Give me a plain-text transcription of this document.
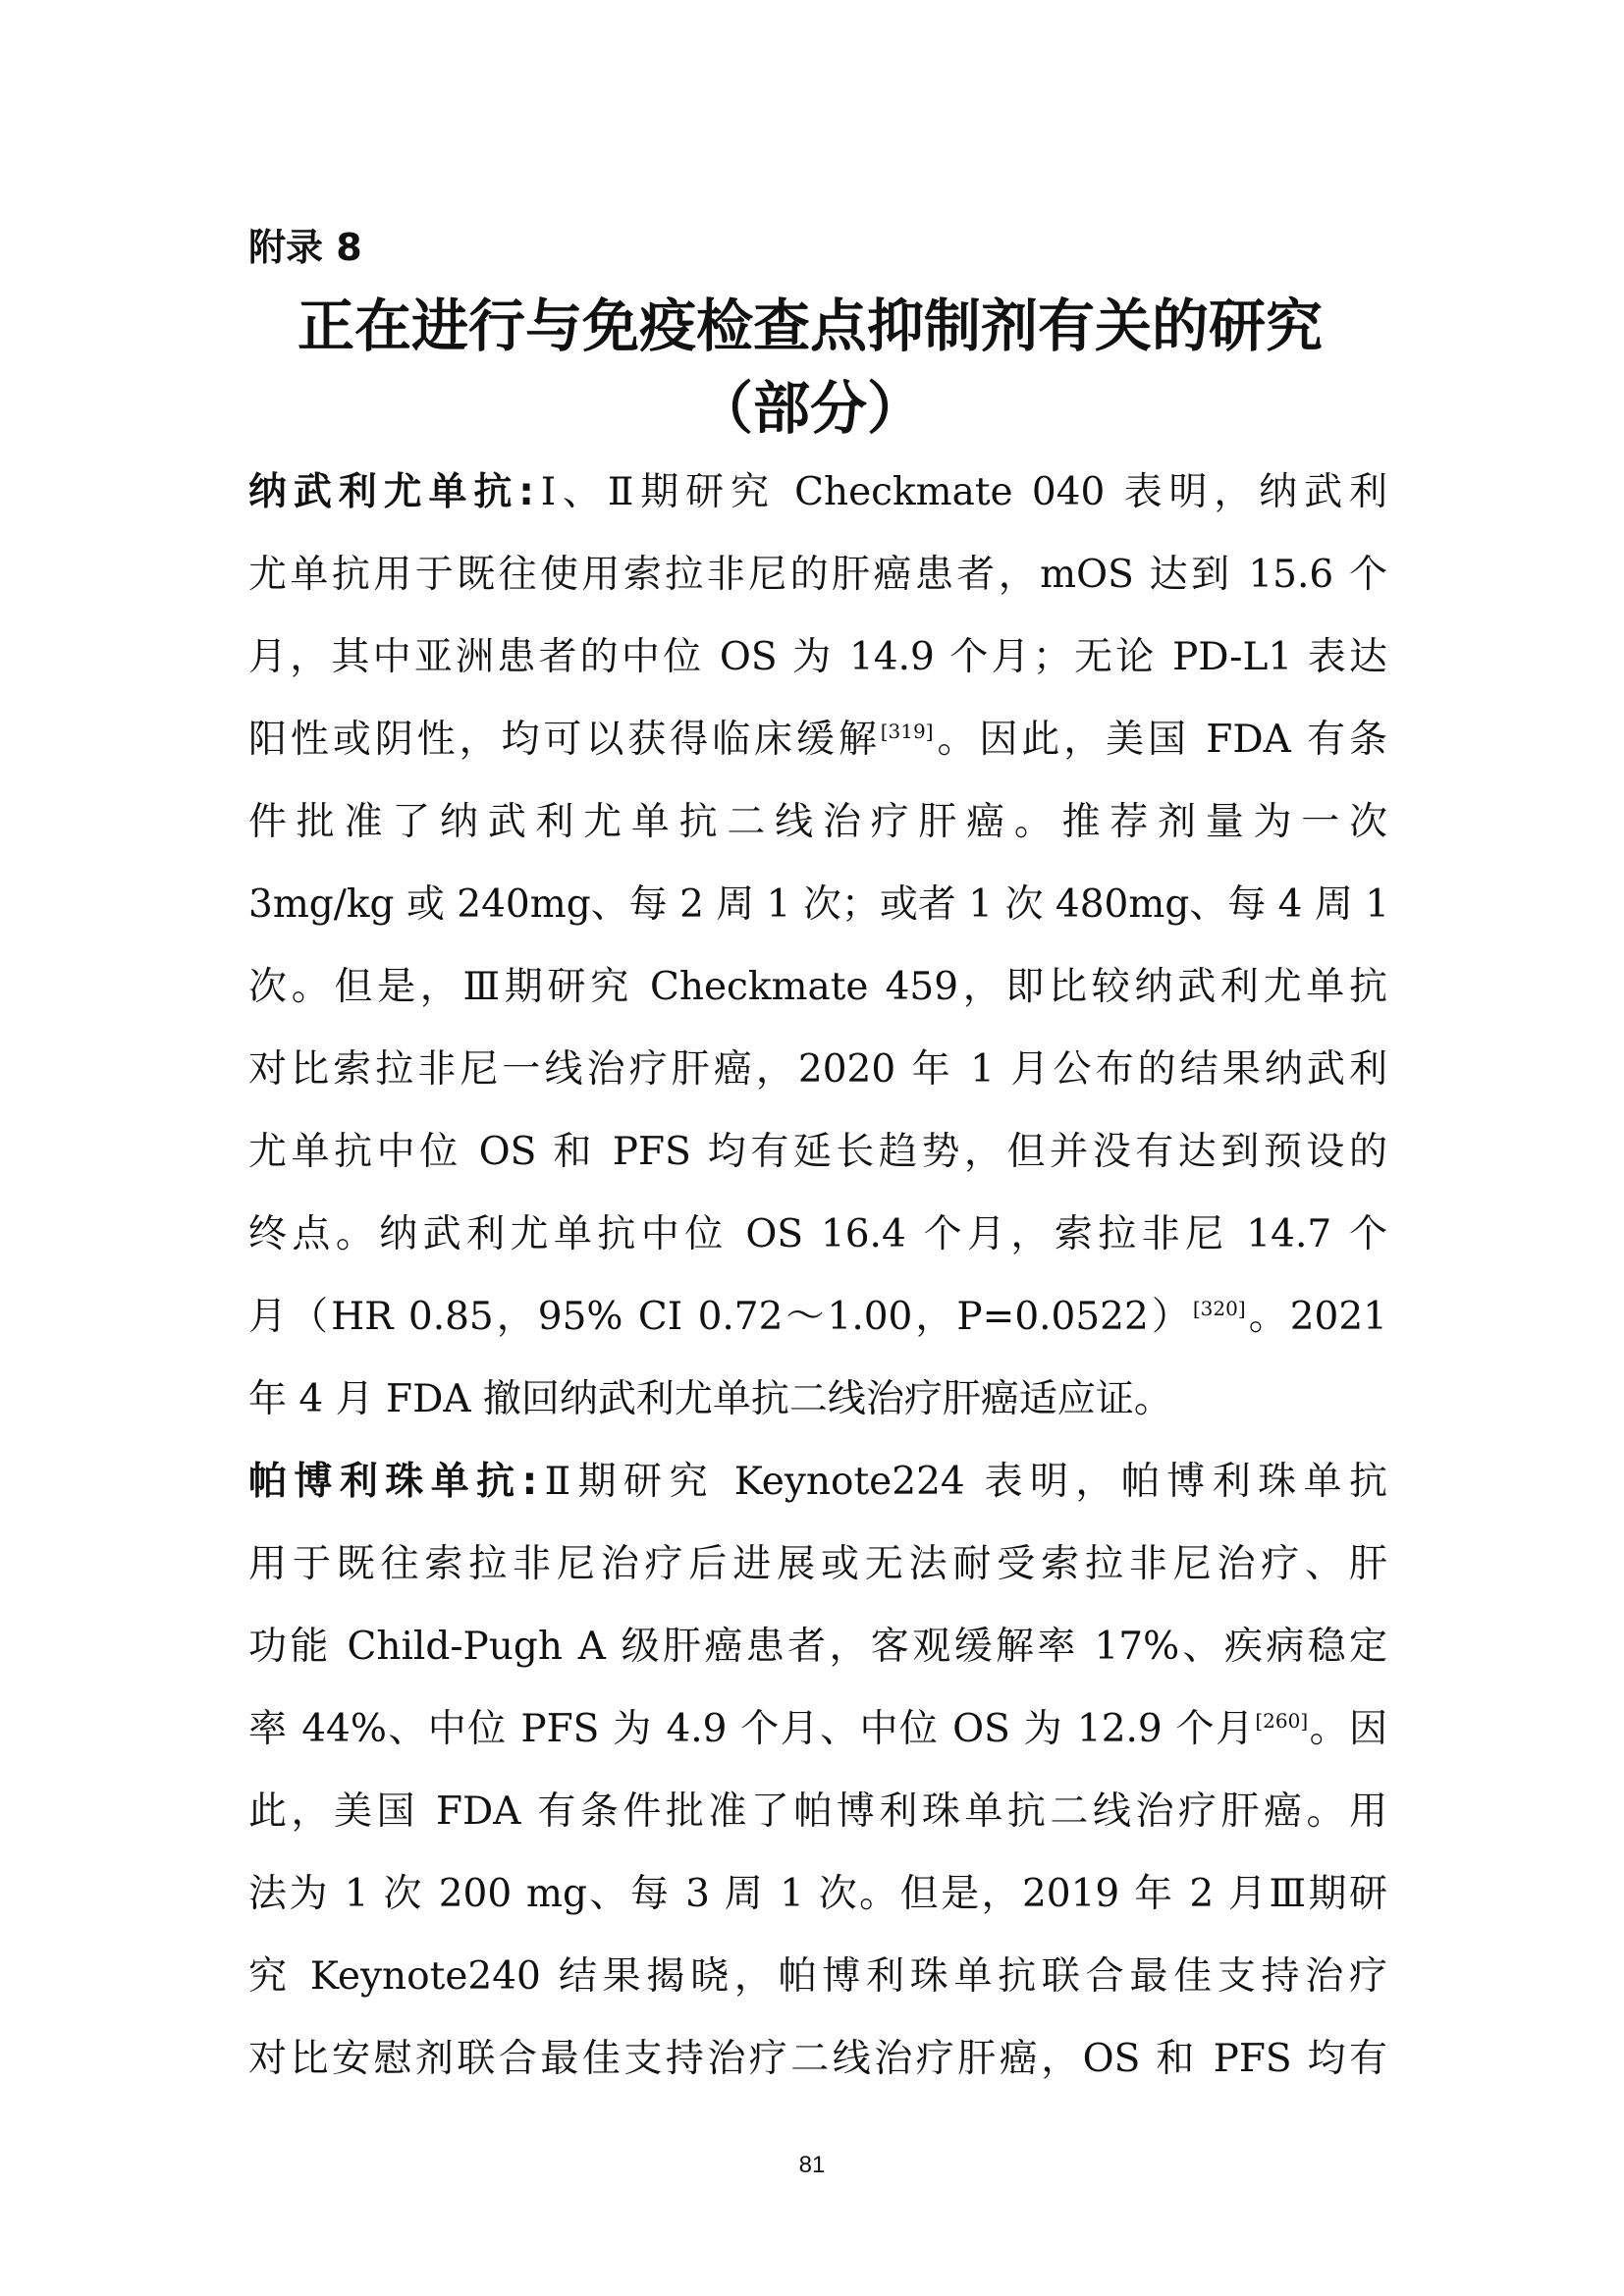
附录 8
正在进行与免疫检查点抑制剂有关的研究
（部分）
纳武利尤单抗:Ⅰ、Ⅱ期研究 Checkmate 040 表明，纳武利
尤单抗用于既往使用索拉非尼的肝癌患者，mOS 达到 15.6 个
月，其中亚洲患者的中位 OS 为 14.9 个月；无论 PD-L1 表达
阳性或阴性，均可以获得临床缓解[319]。因此，美国 FDA 有条
件批准了纳武利尤单抗二线治疗肝癌。推荐剂量为一次
3mg/kg 或 240mg、每 2 周 1 次；或者 1 次 480mg、每 4 周 1
次。但是，Ⅲ期研究 Checkmate 459，即比较纳武利尤单抗
对比索拉非尼一线治疗肝癌，2020 年 1 月公布的结果纳武利
尤单抗中位 OS 和 PFS 均有延长趋势，但并没有达到预设的
终点。纳武利尤单抗中位 OS 16.4 个月，索拉非尼 14.7 个
月（HR 0.85，95% CI 0.72～1.00，P=0.0522）[320]。2021
年 4 月 FDA 撤回纳武利尤单抗二线治疗肝癌适应证。
帕博利珠单抗:Ⅱ期研究 Keynote224 表明，帕博利珠单抗
用于既往索拉非尼治疗后进展或无法耐受索拉非尼治疗、肝
功能 Child-Pugh A 级肝癌患者，客观缓解率 17%、疾病稳定
率 44%、中位 PFS 为 4.9 个月、中位 OS 为 12.9 个月[260]。因
此，美国 FDA 有条件批准了帕博利珠单抗二线治疗肝癌。用
法为 1 次 200 mg、每 3 周 1 次。但是，2019 年 2 月Ⅲ期研
究 Keynote240 结果揭晓，帕博利珠单抗联合最佳支持治疗
对比安慰剂联合最佳支持治疗二线治疗肝癌，OS 和 PFS 均有
81
